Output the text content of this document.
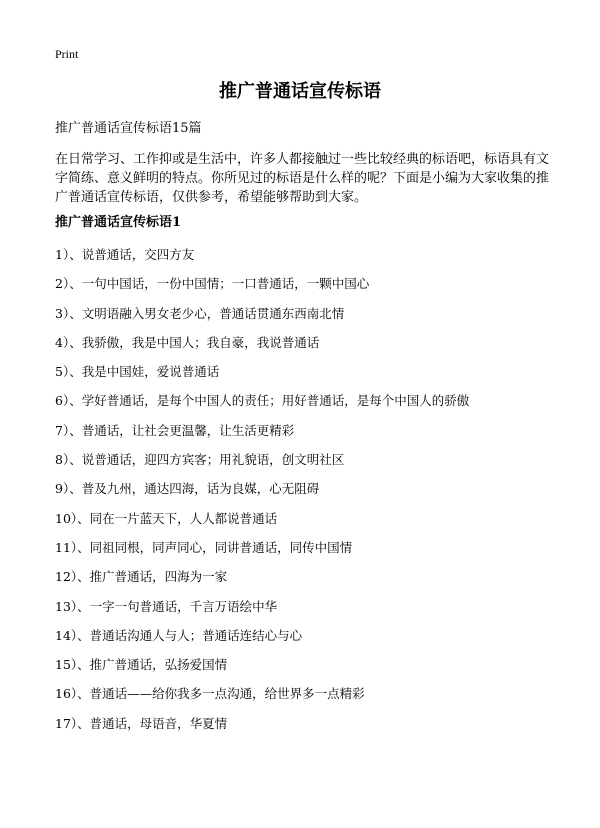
Print
推广普通话宣传标语
推广普通话宣传标语15篇

在日常学习、工作抑或是生活中，许多人都接触过一些比较经典的标语吧，标语具有文字简练、意义鲜明的特点。你所见过的标语是什么样的呢？下面是小编为大家收集的推广普通话宣传标语，仅供参考，希望能够帮助到大家。

推广普通话宣传标语1
1）、说普通话，交四方友
2）、一句中国话，一份中国情；一口普通话，一颗中国心
3）、文明语融入男女老少心，普通话贯通东西南北情
4）、我骄傲，我是中国人；我自豪，我说普通话
5）、我是中国娃，爱说普通话
6）、学好普通话，是每个中国人的责任；用好普通话，是每个中国人的骄傲
7）、普通话，让社会更温馨，让生活更精彩
8）、说普通话，迎四方宾客；用礼貌语，创文明社区
9）、普及九州，通达四海，话为良媒，心无阻碍
10）、同在一片蓝天下，人人都说普通话
11）、同祖同根，同声同心，同讲普通话，同传中国情
12）、推广普通话，四海为一家
13）、一字一句普通话，千言万语绘中华
14）、普通话沟通人与人；普通话连结心与心
15）、推广普通话，弘扬爱国情
16）、普通话——给你我多一点沟通，给世界多一点精彩
17）、普通话，母语音，华夏情
